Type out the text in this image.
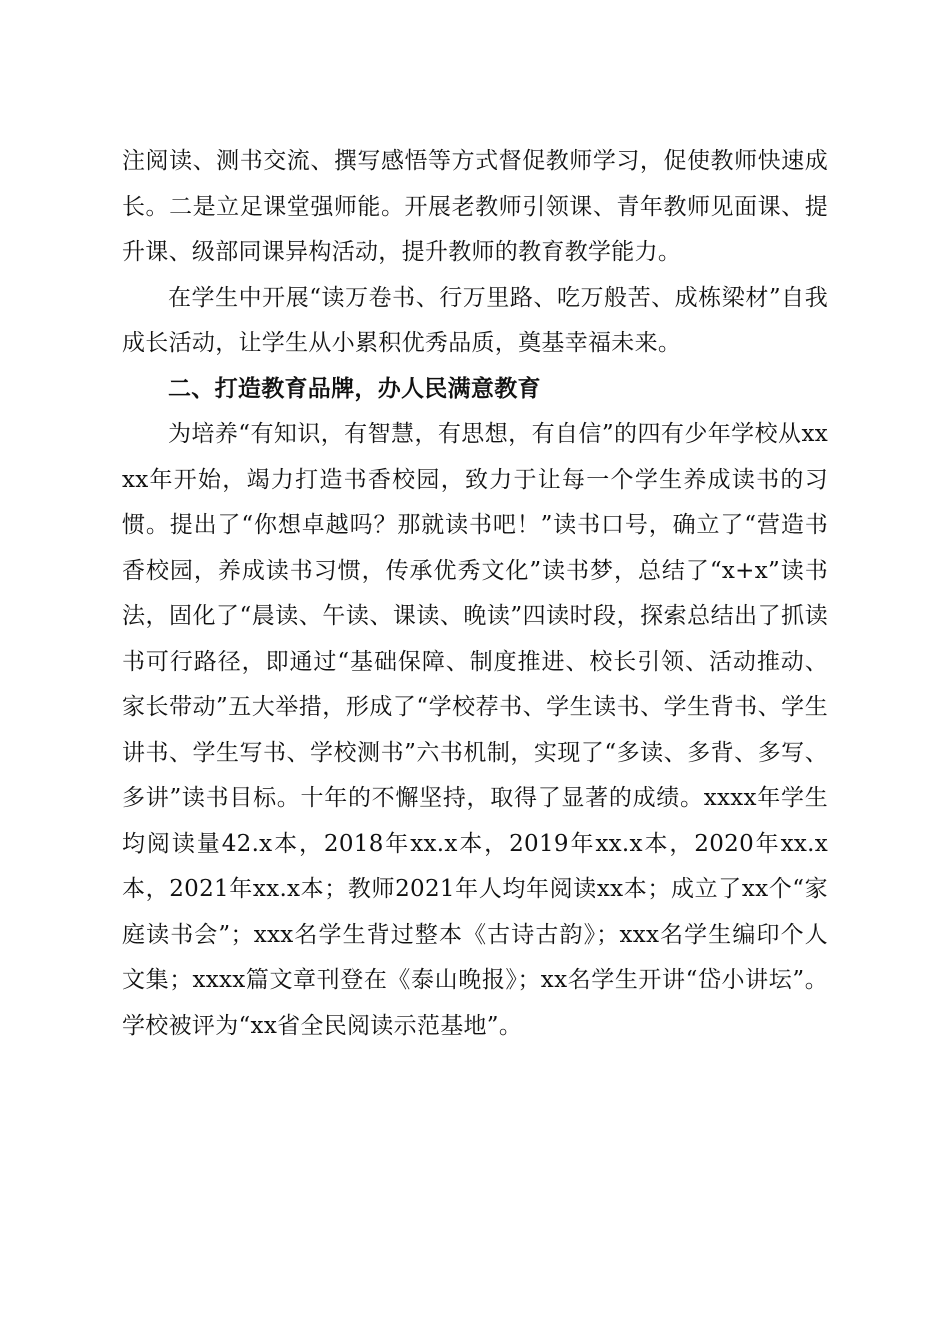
注阅读、测书交流、撰写感悟等方式督促教师学习，促使教师快速成长。二是立足课堂强师能。开展老教师引领课、青年教师见面课、提升课、级部同课异构活动，提升教师的教育教学能力。

在学生中开展“读万卷书、行万里路、吃万般苦、成栋梁材”自我成长活动，让学生从小累积优秀品质，奠基幸福未来。

二、打造教育品牌，办人民满意教育

为培养“有知识，有智慧，有思想，有自信”的四有少年学校从xxxx年开始，竭力打造书香校园，致力于让每一个学生养成读书的习惯。提出了“你想卓越吗？那就读书吧！”读书口号，确立了“营造书香校园，养成读书习惯，传承优秀文化”读书梦，总结了“x+x”读书法，固化了“晨读、午读、课读、晚读”四读时段，探索总结出了抓读书可行路径，即通过“基础保障、制度推进、校长引领、活动推动、家长带动”五大举措，形成了“学校荐书、学生读书、学生背书、学生讲书、学生写书、学校测书”六书机制，实现了“多读、多背、多写、多讲”读书目标。十年的不懈坚持，取得了显著的成绩。xxxx年学生均阅读量42.x本，2018年xx.x本，2019年xx.x本，2020年xx.x本，2021年xx.x本；教师2021年人均年阅读xx本；成立了xx个“家庭读书会”；xxx名学生背过整本《古诗古韵》；xxx名学生编印个人文集；xxxx篇文章刊登在《泰山晚报》；xx名学生开讲“岱小讲坛”。学校被评为“xx省全民阅读示范基地”。
